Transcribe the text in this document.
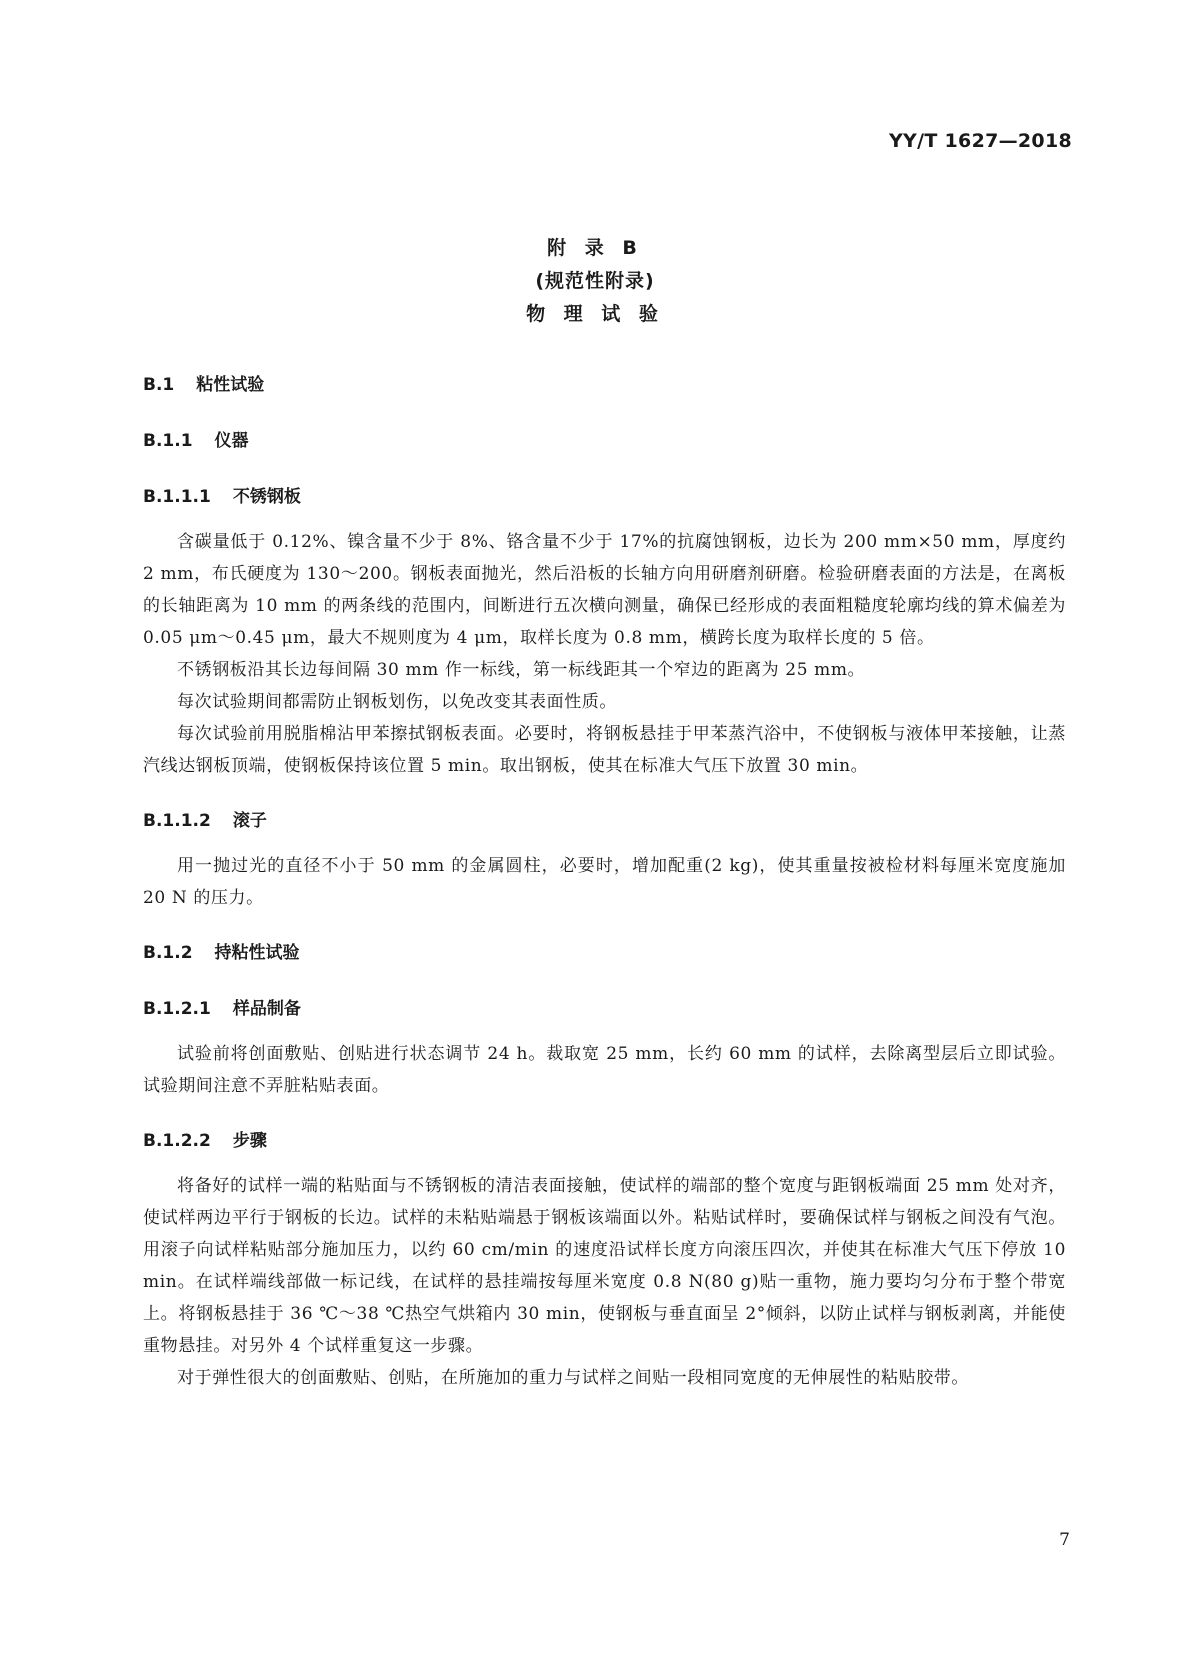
YY/T 1627—2018
附 录 B
(规范性附录)
物 理 试 验
B.1 粘性试验
B.1.1 仪器
B.1.1.1 不锈钢板
含碳量低于 0.12%、镍含量不少于 8%、铬含量不少于 17%的抗腐蚀钢板，边长为 200 mm×50 mm，厚度约 2 mm，布氏硬度为 130～200。钢板表面抛光，然后沿板的长轴方向用研磨剂研磨。检验研磨表面的方法是，在离板的长轴距离为 10 mm 的两条线的范围内，间断进行五次横向测量，确保已经形成的表面粗糙度轮廓均线的算术偏差为 0.05 μm～0.45 μm，最大不规则度为 4 μm，取样长度为 0.8 mm，横跨长度为取样长度的 5 倍。
不锈钢板沿其长边每间隔 30 mm 作一标线，第一标线距其一个窄边的距离为 25 mm。
每次试验期间都需防止钢板划伤，以免改变其表面性质。
每次试验前用脱脂棉沾甲苯擦拭钢板表面。必要时，将钢板悬挂于甲苯蒸汽浴中，不使钢板与液体甲苯接触，让蒸汽线达钢板顶端，使钢板保持该位置 5 min。取出钢板，使其在标准大气压下放置 30 min。
B.1.1.2 滚子
用一抛过光的直径不小于 50 mm 的金属圆柱，必要时，增加配重(2 kg)，使其重量按被检材料每厘米宽度施加 20 N 的压力。
B.1.2 持粘性试验
B.1.2.1 样品制备
试验前将创面敷贴、创贴进行状态调节 24 h。裁取宽 25 mm，长约 60 mm 的试样，去除离型层后立即试验。试验期间注意不弄脏粘贴表面。
B.1.2.2 步骤
将备好的试样一端的粘贴面与不锈钢板的清洁表面接触，使试样的端部的整个宽度与距钢板端面 25 mm 处对齐，使试样两边平行于钢板的长边。试样的未粘贴端悬于钢板该端面以外。粘贴试样时，要确保试样与钢板之间没有气泡。用滚子向试样粘贴部分施加压力，以约 60 cm/min 的速度沿试样长度方向滚压四次，并使其在标准大气压下停放 10 min。在试样端线部做一标记线，在试样的悬挂端按每厘米宽度 0.8 N(80 g)贴一重物，施力要均匀分布于整个带宽上。将钢板悬挂于 36 ℃～38 ℃热空气烘箱内 30 min，使钢板与垂直面呈 2°倾斜，以防止试样与钢板剥离，并能使重物悬挂。对另外 4 个试样重复这一步骤。
对于弹性很大的创面敷贴、创贴，在所施加的重力与试样之间贴一段相同宽度的无伸展性的粘贴胶带。
7
